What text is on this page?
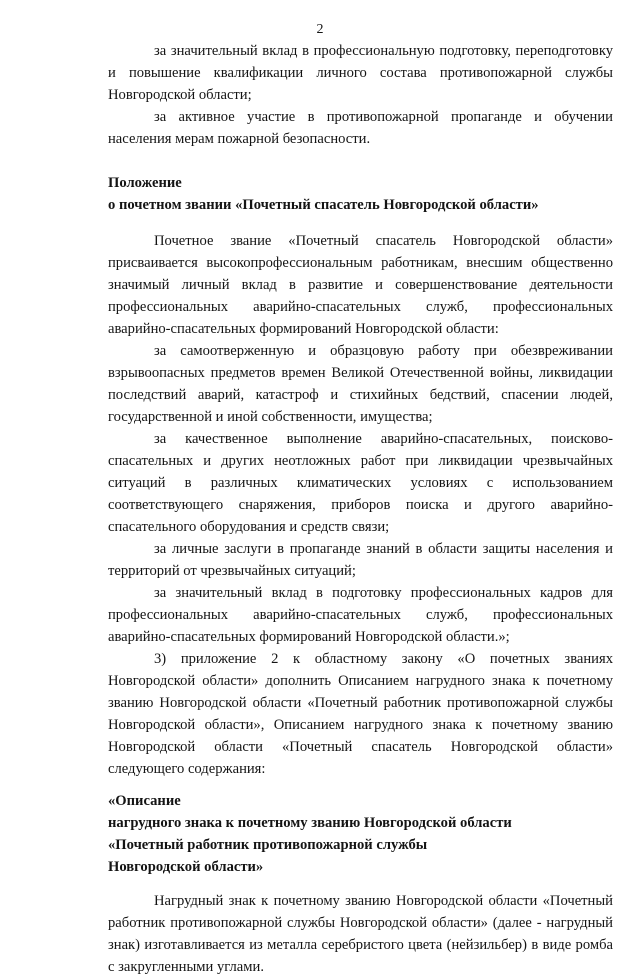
2

за значительный вклад в профессиональную подготовку, переподготовку и повышение квалификации личного состава противопожарной службы Новгородской области;

за активное участие в противопожарной пропаганде и обучении населения мерам пожарной безопасности.

Положение

о почетном звании «Почетный спасатель Новгородской области»

Почетное звание «Почетный спасатель Новгородской области» присваивается высокопрофессиональным работникам, внесшим общественно значимый личный вклад в развитие и совершенствование деятельности профессиональных аварийно-спасательных служб, профессиональных аварийно-спасательных формирований Новгородской области:

за самоотверженную и образцовую работу при обезвреживании взрывоопасных предметов времен Великой Отечественной войны, ликвидации последствий аварий, катастроф и стихийных бедствий, спасении людей, государственной и иной собственности, имущества;

за качественное выполнение аварийно-спасательных, поисково-спасательных и других неотложных работ при ликвидации чрезвычайных ситуаций в различных климатических условиях с использованием соответствующего снаряжения, приборов поиска и другого аварийно-спасательного оборудования и средств связи;

за личные заслуги в пропаганде знаний в области защиты населения и территорий от чрезвычайных ситуаций;

за значительный вклад в подготовку профессиональных кадров для профессиональных аварийно-спасательных служб, профессиональных аварийно-спасательных формирований Новгородской области.»;

3) приложение 2 к областному закону «О почетных званиях Новгородской области» дополнить Описанием нагрудного знака к почетному званию Новгородской области «Почетный работник противопожарной службы Новгородской области», Описанием нагрудного знака к почетному званию Новгородской области «Почетный спасатель Новгородской области» следующего содержания:

«Описание

нагрудного знака к почетному званию Новгородской области

«Почетный работник противопожарной службы

Новгородской области»

Нагрудный знак к почетному званию Новгородской области «Почетный работник противопожарной службы Новгородской области» (далее - нагрудный знак) изготавливается из металла серебристого цвета (нейзильбер) в виде ромба с закругленными углами.
